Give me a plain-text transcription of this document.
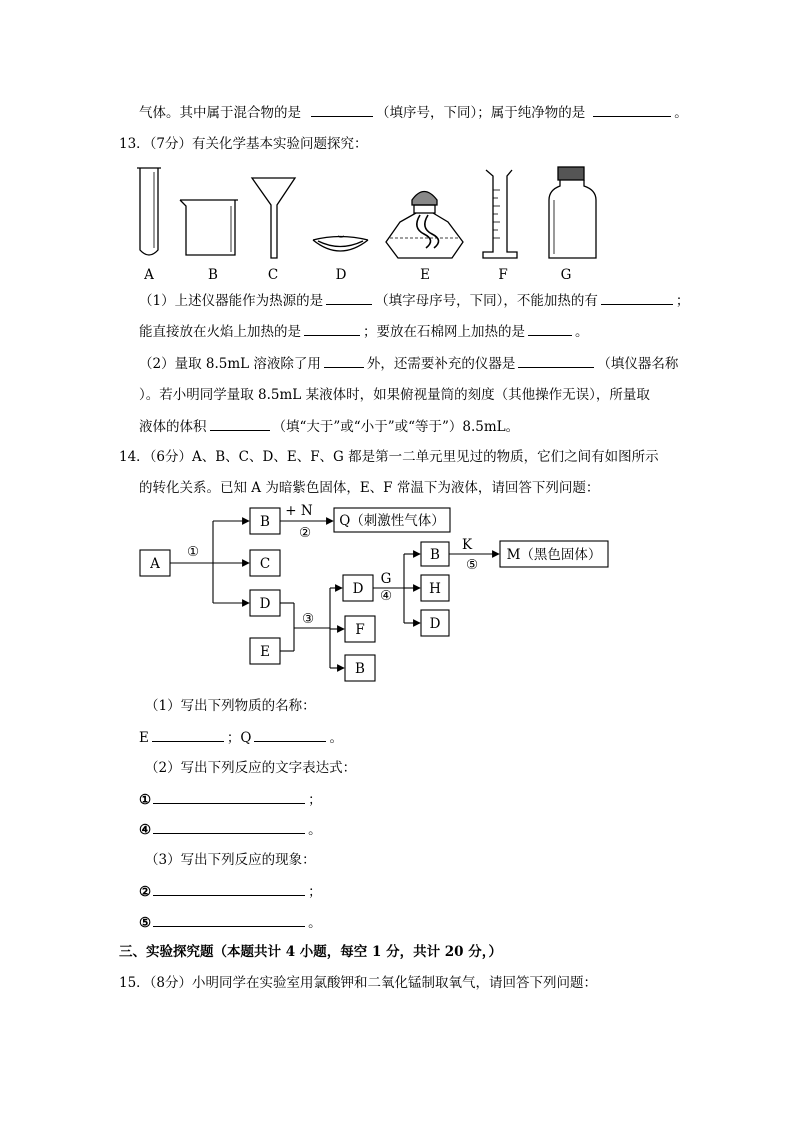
气体。其中属于混合物的是	（填序号，下同）；属于纯净物的是	。
13．（7分）有关化学基本实验问题探究：
A	B	C	D	E	F	G
（1）上述仪器能作为热源的是	（填字母序号，下同），不能加热的有	；
能直接放在火焰上加热的是	；要放在石棉网上加热的是	。
（2）量取 8.5mL 溶液除了用	外，还需要补充的仪器是	（填仪器名称
）。若小明同学量取 8.5mL 某液体时，如果俯视量筒的刻度（其他操作无误），所量取
液体的体积	（填“大于”或“小于”或“等于”）8.5mL。
14．（6分）A、B、C、D、E、F、G 都是第一二单元里见过的物质，它们之间有如图所示
的转化关系。已知 A 为暗紫色固体，E、F 常温下为液体，请回答下列问题：
A
B
C
D
E
Q（刺激性气体）
D
F
B
B
H
D
M（黑色固体）
+ N
②
①
③
G
④
K
⑤
（1）写出下列物质的名称：
E	；Q	。
（2）写出下列反应的文字表达式：
①	；
④	。
（3）写出下列反应的现象：
②	；
⑤	。
三、实验探究题（本题共计 4 小题，每空 1 分，共计 20 分，）
15．（8分）小明同学在实验室用氯酸钾和二氧化锰制取氧气，请回答下列问题：
